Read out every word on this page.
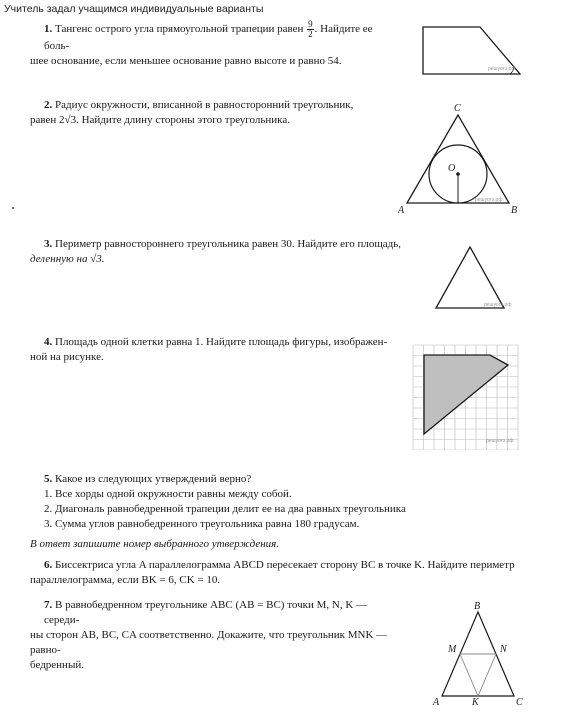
Учитель задал учащимся индивидуальные варианты
1. Тангенс острого угла прямоугольной трапеции равен $\frac{9}{2}$ . Найдите ее боль-
шее основание, если меньшее основание равно высоте и равно 54.
решуогэ.рф
2. Радиус окружности, вписанной в равносторонний треугольник,
равен 2√3. Найдите длину стороны этого треугольника.
C
O
A	B
решуогэ.рф
3. Периметр равностороннего треугольника равен 30. Найдите его площадь,
деленную на √3.
решуогэ.рф
4. Площадь одной клетки равна 1. Найдите площадь фигуры, изображен-
ной на рисунке.
решуогэ.рф
5. Какое из следующих утверждений верно?
1. Все хорды одной окружности равны между собой.
2. Диагональ равнобедренной трапеции делит ее на два равных треугольника
3. Сумма углов равнобедренного треугольника равна 180 градусам.
В ответ запишите номер выбранного утверждения.
6. Биссектриса угла A параллелограмма ABCD пересекает сторону BC в точке K. Найдите периметр
параллелограмма, если BK = 6, CK = 10.
7. В равнобедренном треугольнике ABC (AB = BC) точки M, N, K — середи-
ны сторон AB, BC, CA соответственно. Докажите, что треугольник MNK — равно-
бедренный.
B
M	N
A	K	C
